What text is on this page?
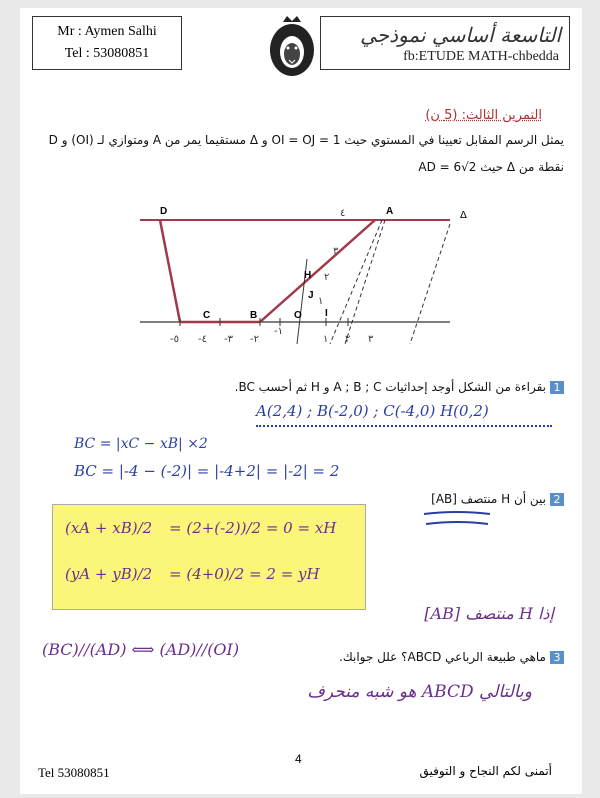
Mr : Aymen Salhi
Tel : 53080851
التاسعة أساسي نموذجي
fb:ETUDE MATH-chbedda
التمرين الثالث: (5 ن)
يمثل الرسم المقابل تعيينا في المستوي حيث OI = OJ = 1 و Δ مستقيما يمر من A ومتوازي لـ (OI) و D
نقطة من Δ حيث AD = 6√2
D	A	Δ
H
B
C	O I
J
-٥ -٤ -٣ -٢
-١
١ ٢ ٣
٤
٣
٢
١
1بقراءة من الشكل أوجد إحداثيات A ; B ; C و H ثم أحسب BC.
A(2,4) ; B(-2,0) ; C(-4,0) H(0,2)
BC = |xC − xB| ×2
BC = |-4 − (-2)| = |-4+2| = |-2| = 2
2بين أن H منتصف [AB]
(xA + xB)/2 = (2+(-2))/2 = 0 = xH
(yA + yB)/2 = (4+0)/2 = 2 = yH
إذا H منتصف [AB]
(BC)//(AD) ⟺ (AD)//(OI)	3ماهي طبيعة الرباعي ABCD؟ علل جوابك.
وبالتالي ABCD هو شبه منحرف
Tel 53080851
4
أتمنى لكم النجاح و التوفيق
